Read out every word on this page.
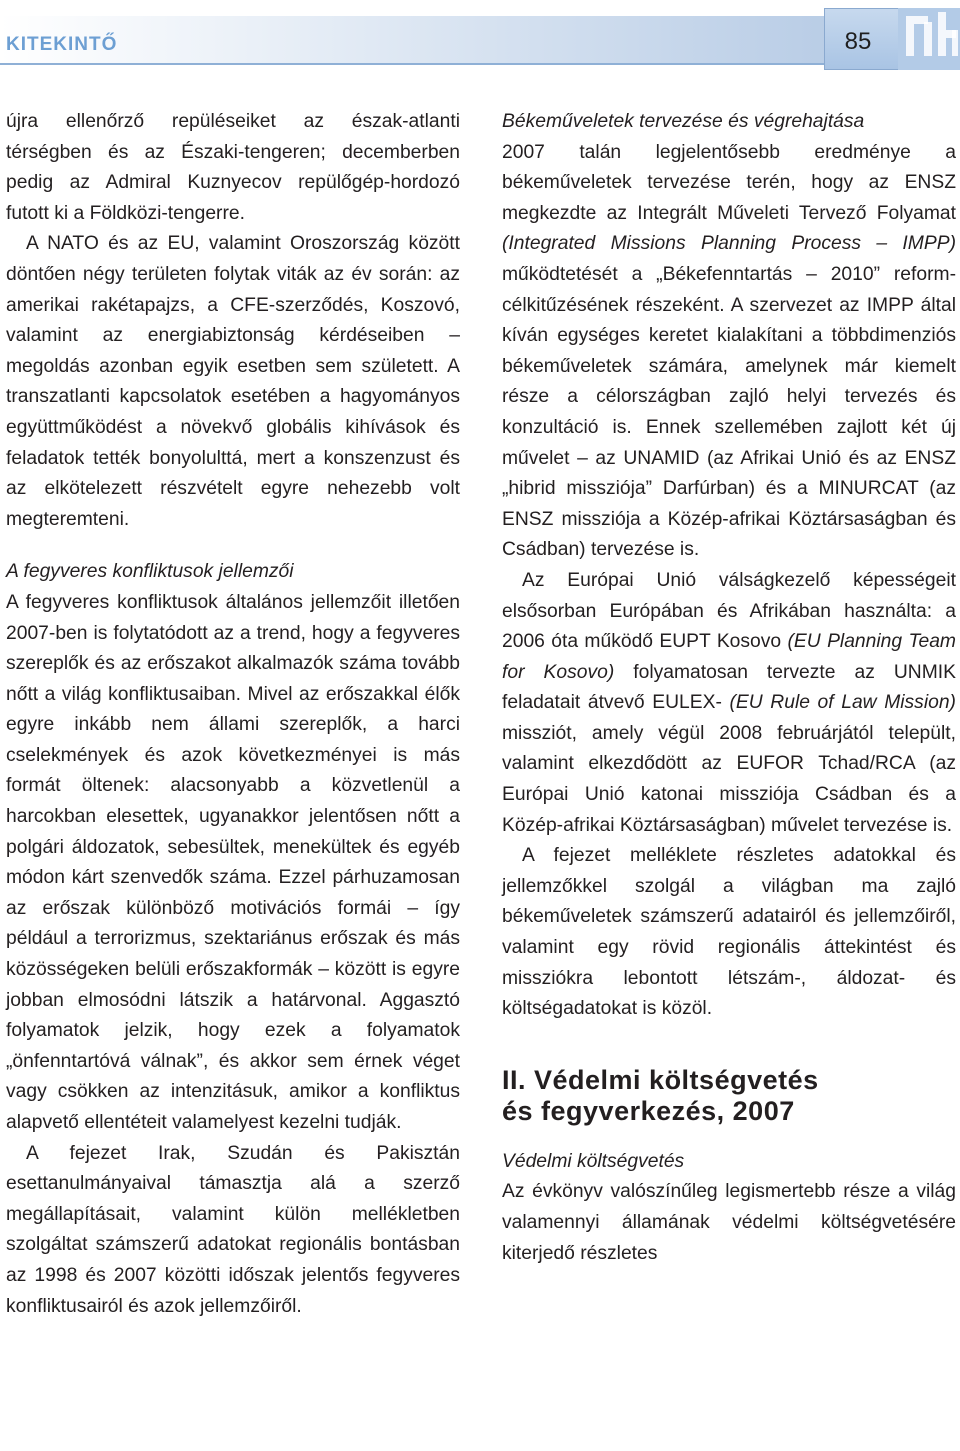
KITEKINTŐ	85

újra ellenőrző repüléseiket az észak-atlanti térségben és az Északi-tengeren; decemberben pedig az Admiral Kuznyecov repülőgép-hordozó futott ki a Földközi-tengerre.

A NATO és az EU, valamint Oroszország között döntően négy területen folytak viták az év során: az amerikai rakétapajzs, a CFE-szerződés, Koszovó, valamint az energiabiztonság kérdéseiben – megoldás azonban egyik esetben sem született. A transzatlanti kapcsolatok esetében a hagyományos együttműködést a növekvő globális kihívások és feladatok tették bonyolulttá, mert a konszenzust és az elkötelezett részvételt egyre nehezebb volt megteremteni.

A fegyveres konfliktusok jellemzői

A fegyveres konfliktusok általános jellemzőit illetően 2007-ben is folytatódott az a trend, hogy a fegyveres szereplők és az erőszakot alkalmazók száma tovább nőtt a világ konfliktusaiban. Mivel az erőszakkal élők egyre inkább nem állami szereplők, a harci cselekmények és azok következményei is más formát öltenek: alacsonyabb a közvetlenül a harcokban elesettek, ugyanakkor jelentősen nőtt a polgári áldozatok, sebesültek, menekültek és egyéb módon kárt szenvedők száma. Ezzel párhuzamosan az erőszak különböző motivációs formái – így például a terrorizmus, szektariánus erőszak és más közösségeken belüli erőszakformák – között is egyre jobban elmosódni látszik a határvonal. Aggasztó folyamatok jelzik, hogy ezek a folyamatok „önfenntartóvá válnak”, és akkor sem érnek véget vagy csökken az intenzitásuk, amikor a konfliktus alapvető ellentéteit valamelyest kezelni tudják.

A fejezet Irak, Szudán és Pakisztán esettanulmányaival támasztja alá a szerző megállapításait, valamint külön mellékletben szolgáltat számszerű adatokat regionális bontásban az 1998 és 2007 közötti időszak jelentős fegyveres konfliktusairól és azok jellemzőiről.

Békeműveletek tervezése és végrehajtása

2007 talán legjelentősebb eredménye a békeműveletek tervezése terén, hogy az ENSZ megkezdte az Integrált Műveleti Tervező Folyamat (Integrated Missions Planning Process – IMPP) működtetését a „Békefenntartás – 2010” reform-célkitűzésének részeként. A szervezet az IMPP által kíván egységes keretet kialakítani a többdimenziós békeműveletek számára, amelynek már kiemelt része a célországban zajló helyi tervezés és konzultáció is. Ennek szellemében zajlott két új művelet – az UNAMID (az Afrikai Unió és az ENSZ „hibrid missziója” Darfúrban) és a MINURCAT (az ENSZ missziója a Közép-afrikai Köztársaságban és Csádban) tervezése is.

Az Európai Unió válságkezelő képességeit elsősorban Európában és Afrikában használta: a 2006 óta működő EUPT Kosovo (EU Planning Team for Kosovo) folyamatosan tervezte az UNMIK feladatait átvevő EULEX- (EU Rule of Law Mission) missziót, amely végül 2008 februárjától települt, valamint elkezdődött az EUFOR Tchad/RCA (az Európai Unió katonai missziója Csádban és a Közép-afrikai Köztársaságban) művelet tervezése is.

A fejezet melléklete részletes adatokkal és jellemzőkkel szolgál a világban ma zajló békeműveletek számszerű adatairól és jellemzőiről, valamint egy rövid regionális áttekintést és missziókra lebontott létszám-, áldozat- és költségadatokat is közöl.

II. Védelmi költségvetés
és fegyverkezés, 2007

Védelmi költségvetés

Az évkönyv valószínűleg legismertebb része a világ valamennyi államának védelmi költségvetésére kiterjedő részletes
